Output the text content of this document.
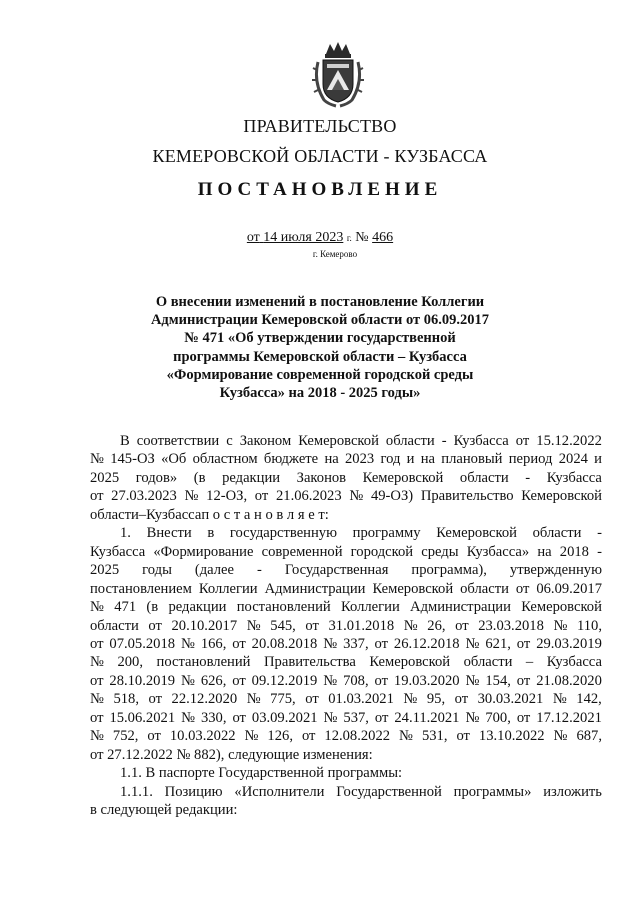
ПРАВИТЕЛЬСТВО
КЕМЕРОВСКОЙ ОБЛАСТИ - КУЗБАССА
ПОСТАНОВЛЕНИЕ
от 14 июля 2023 г. № 466
г. Кемерово
О внесении изменений в постановление Коллегии
Администрации Кемеровской области от 06.09.2017
№ 471 «Об утверждении государственной
программы Кемеровской области – Кузбасса
«Формирование современной городской среды
Кузбасса» на 2018 - 2025 годы»
В соответствии с Законом Кемеровской области - Кузбасса от 15.12.2022
№ 145-ОЗ «Об областном бюджете на 2023 год и на плановый период 2024 и
2025 годов» (в редакции Законов Кемеровской области - Кузбасса
от 27.03.2023 № 12-ОЗ, от 21.06.2023 № 49-ОЗ) Правительство Кемеровской
области – Кузбасса п о с т а н о в л я е т:
1. Внести в государственную программу Кемеровской области -
Кузбасса «Формирование современной городской среды Кузбасса» на 2018 -
2025 годы (далее - Государственная программа), утвержденную
постановлением Коллегии Администрации Кемеровской области от 06.09.2017
№ 471 (в редакции постановлений Коллегии Администрации Кемеровской
области от 20.10.2017 № 545, от 31.01.2018 № 26, от 23.03.2018 № 110,
от 07.05.2018 № 166, от 20.08.2018 № 337, от 26.12.2018 № 621, от 29.03.2019
№ 200, постановлений Правительства Кемеровской области – Кузбасса
от 28.10.2019 № 626, от 09.12.2019 № 708, от 19.03.2020 № 154, от 21.08.2020
№ 518, от 22.12.2020 № 775, от 01.03.2021 № 95, от 30.03.2021 № 142,
от 15.06.2021 № 330, от 03.09.2021 № 537, от 24.11.2021 № 700, от 17.12.2021
№ 752, от 10.03.2022 № 126, от 12.08.2022 № 531, от 13.10.2022 № 687,
от 27.12.2022 № 882), следующие изменения:
1.1. В паспорте Государственной программы:
1.1.1. Позицию «Исполнители Государственной программы» изложить
в следующей редакции:
